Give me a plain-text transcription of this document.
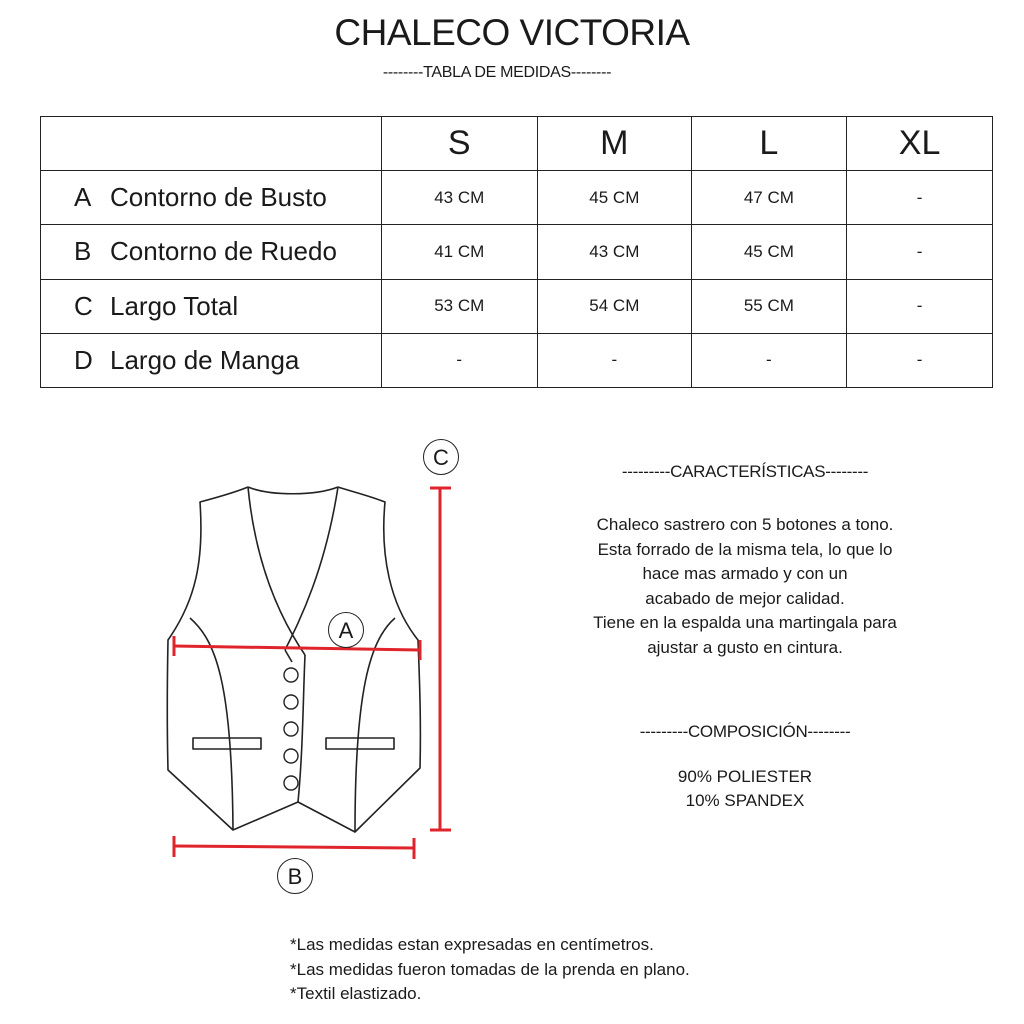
CHALECO VICTORIA
--------TABLA DE MEDIDAS--------
	S	M	L	XL
A Contorno de Busto	43 CM	45 CM	47 CM	-
B Contorno de Ruedo	41 CM	43 CM	45 CM	-
C Largo Total	53 CM	54 CM	55 CM	-
D Largo de Manga	-	-	-	-
A
B
C
---------CARACTERÍSTICAS--------
Chaleco sastrero con 5 botones a tono.
Esta forrado de la misma tela, lo que lo
hace mas armado y con un
acabado de mejor calidad.
Tiene en la espalda una martingala para
ajustar a gusto en cintura.
---------COMPOSICIÓN--------
90% POLIESTER
10% SPANDEX
*Las medidas estan expresadas en centímetros.
*Las medidas fueron tomadas de la prenda en plano.
*Textil elastizado.
